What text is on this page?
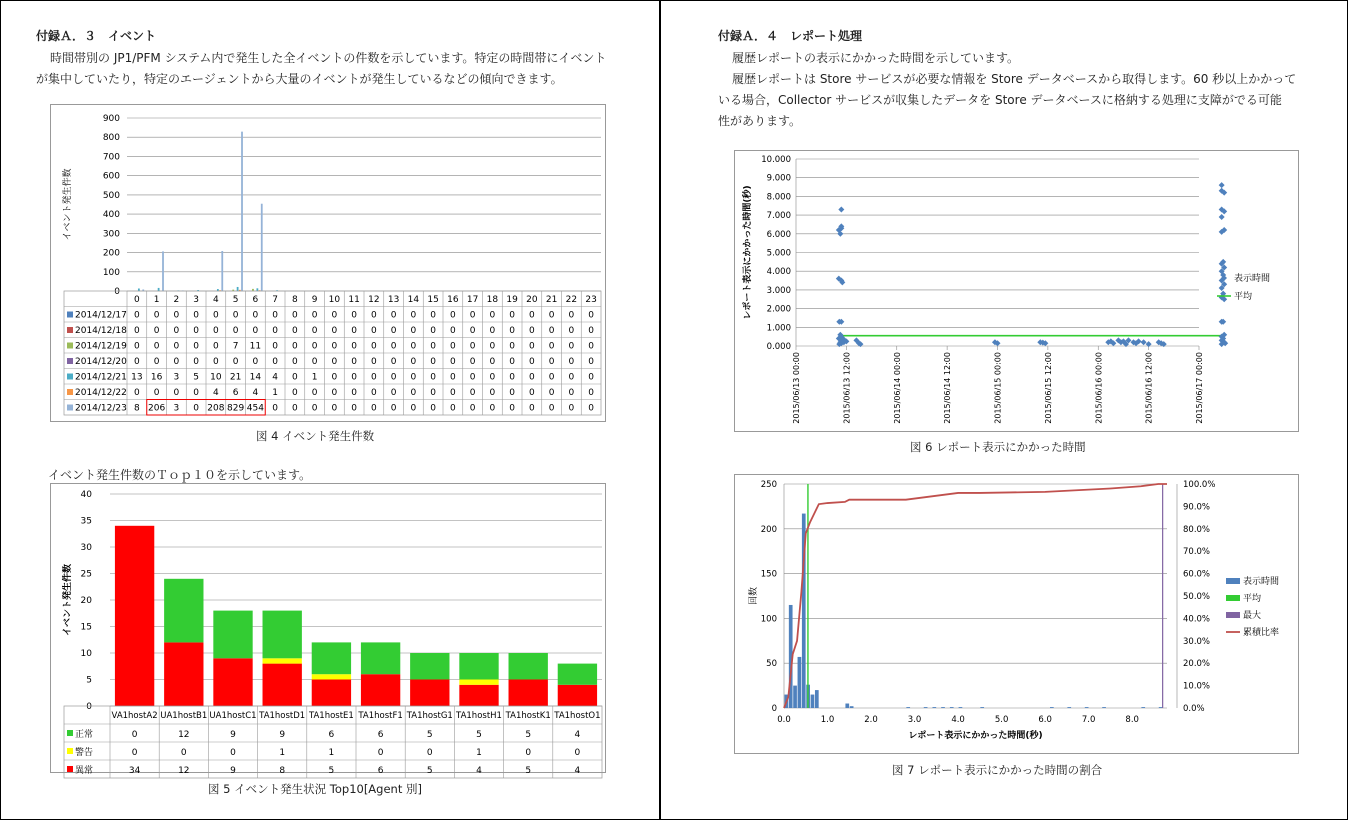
付録Ａ．３　イベント
時間帯別の JP1/PFM システム内で発生した全イベントの件数を示しています。特定の時間帯にイベント
が集中していたり，特定のエージェントから大量のイベントが発生しているなどの傾向できます。
0
100
200
300
400
500
600
700
800
900
イベント発生件数
0 1 2 3 4 5 6 7 8 9 10 11 12 13 14 15 16 17 18 19 20 21 22 23
2014/12/17 0 0 0 0 0 0 0 0 0 0 0 0 0 0 0 0 0 0 0 0 0 0 0 0
2014/12/18 0 0 0 0 0 0 0 0 0 0 0 0 0 0 0 0 0 0 0 0 0 0 0 0
2014/12/19 0 0 0 0 0 7 11 0 0 0 0 0 0 0 0 0 0 0 0 0 0 0 0 0
2014/12/20 0 0 0 0 0 0 0 0 0 0 0 0 0 0 0 0 0 0 0 0 0 0 0 0
2014/12/21 13 16 3 5 10 21 14 4 0 1 0 0 0 0 0 0 0 0 0 0 0 0 0 0
2014/12/22 0 0 0 0 4 6 4 1 0 0 0 0 0 0 0 0 0 0 0 0 0 0 0 0
2014/12/23 8 206 3 0 208 829 454 0 0 0 0 0 0 0 0 0 0 0 0 0 0 0 0 0
図 4 イベント発生件数
イベント発生件数のＴｏｐ１０を示しています。
0
5
10
15
20
25
30
35
40
イベント発生件数
VA1hostA2 UA1hostB1 UA1hostC1 TA1hostD1 TA1hostE1 TA1hostF1 TA1hostG1 TA1hostH1 TA1hostK1 TA1hostO1
正常	0	12	9	9	6	6	5	5	5	4
警告	0	0	0	1	1	0	0	1	0	0
異常	34	12	9	8	5	6	5	4	5	4
図 5 イベント発生状況 Top10[Agent 別]
付録Ａ．４　レポート処理
履歴レポートの表示にかかった時間を示しています。
履歴レポートは Store サービスが必要な情報を Store データベースから取得します。60 秒以上かかって
いる場合，Collector サービスが収集したデータを Store データベースに格納する処理に支障がでる可能
性があります。
0.000
1.000
2.000
3.000
4.000
5.000
6.000
7.000
8.000
9.000
10.000
2015/06/13 00:00	2015/06/13 12:00	2015/06/14 00:00	2015/06/14 12:00	2015/06/15 00:00	2015/06/15 12:00	2015/06/16 00:00	2015/06/16 12:00	2015/06/17 00:00
レポート表示にかかった時間(秒)	表示時間
平均
図 6 レポート表示にかかった時間
0
50
100
150
200
250
0.0%
10.0%
20.0%
30.0%
40.0%
50.0%
60.0%
70.0%
80.0%
90.0%
100.0%
0.0	1.0	2.0	3.0	4.0	5.0	6.0	7.0	8.0
レポート表示にかかった時間(秒)
回数
表示時間
平均
最大
累積比率
図 7 レポート表示にかかった時間の割合
